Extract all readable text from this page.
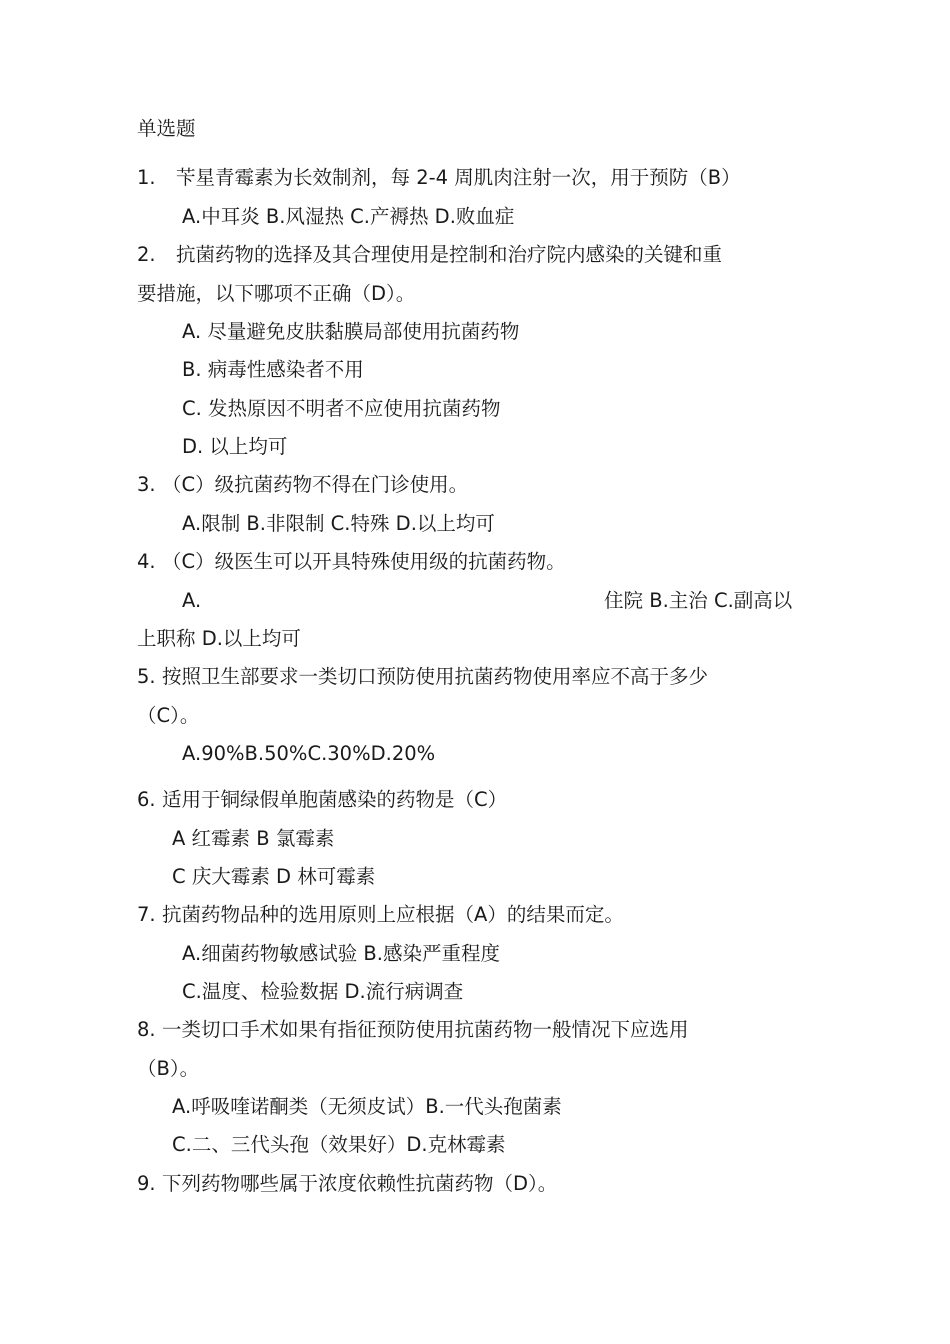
单选题
1. 苄星青霉素为长效制剂，每 2-4 周肌肉注射一次，用于预防（B）
A.中耳炎 B.风湿热 C.产褥热 D.败血症
2. 抗菌药物的选择及其合理使用是控制和治疗院内感染的关键和重
要措施，以下哪项不正确（D）。
A. 尽量避免皮肤黏膜局部使用抗菌药物
B. 病毒性感染者不用
C. 发热原因不明者不应使用抗菌药物
D. 以上均可
3. （C）级抗菌药物不得在门诊使用。
A.限制 B.非限制 C.特殊 D.以上均可
4. （C）级医生可以开具特殊使用级的抗菌药物。
A.	住院 B.主治 C.副高以
上职称 D.以上均可
5. 按照卫生部要求一类切口预防使用抗菌药物使用率应不高于多少
（C）。
A.90%B.50%C.30%D.20%
6. 适用于铜绿假单胞菌感染的药物是（C）
A 红霉素 B 氯霉素
C 庆大霉素 D 林可霉素
7. 抗菌药物品种的选用原则上应根据（A）的结果而定。
A.细菌药物敏感试验 B.感染严重程度
C.温度、检验数据 D.流行病调查
8. 一类切口手术如果有指征预防使用抗菌药物一般情况下应选用
（B）。
A.呼吸喹诺酮类（无须皮试）B.一代头孢菌素
C.二、三代头孢（效果好）D.克林霉素
9. 下列药物哪些属于浓度依赖性抗菌药物（D）。
